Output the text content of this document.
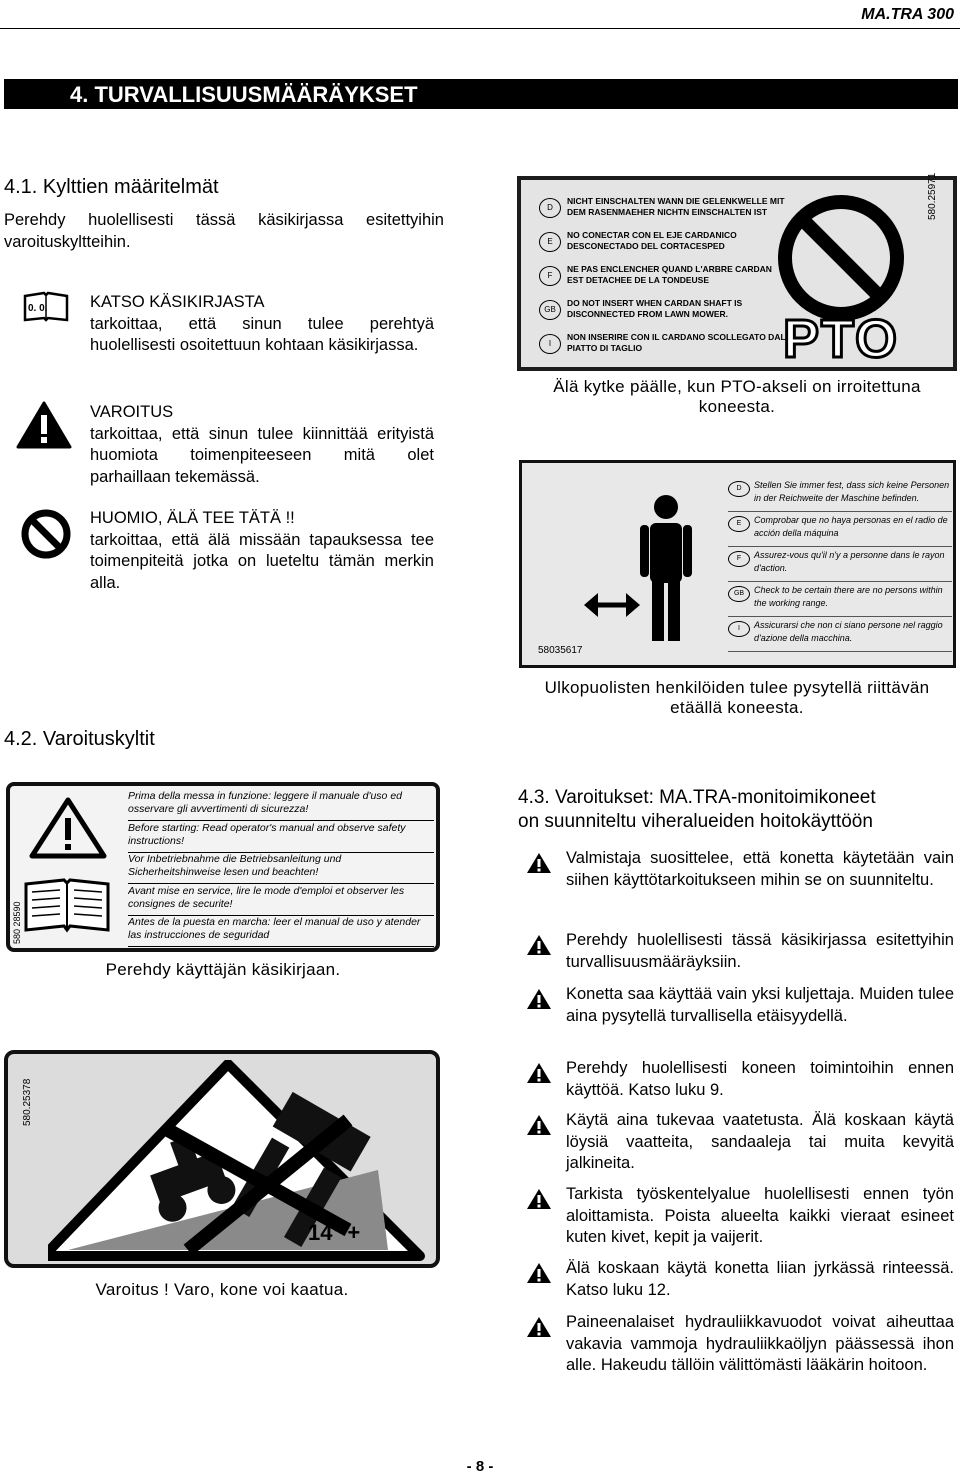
MA.TRA 300
4. TURVALLISUUSMÄÄRÄYKSET
4.1. Kylttien määritelmät
Perehdy huolellisesti tässä käsikirjassa esitettyihin varoituskyltteihin.
0. 0.	KATSO KÄSIKIRJASTA
tarkoittaa, että sinun tulee perehtyä huolellisesti osoitettuun kohtaan käsikirjassa.
VAROITUS
tarkoittaa, että sinun tulee kiinnittää erityistä huomiota toimenpiteeseen mitä olet parhaillaan tekemässä.
HUOMIO, ÄLÄ TEE TÄTÄ !!
tarkoittaa, että älä missään tapauksessa tee toimenpiteitä jotka on lueteltu tämän merkin alla.
D
NICHT EINSCHALTEN WANN DIE GELENKWELLE MIT DEM RASENMAEHER NICHTN EINSCHALTEN IST
E
NO CONECTAR CON EL EJE CARDANICO DESCONECTADO DEL CORTACESPED
F
NE PAS ENCLENCHER QUAND L'ARBRE CARDAN EST DETACHEE DE LA TONDEUSE
GB
DO NOT INSERT WHEN CARDAN SHAFT IS DISCONNECTED FROM LAWN MOWER.
I
NON INSERIRE CON IL CARDANO SCOLLEGATO DAL PIATTO DI TAGLIO	PTO
580.25971
Älä kytke päälle, kun PTO-akseli on irroitettuna koneesta.
D	Stellen Sie immer fest, dass sich keine Personen in der Reichweite der Maschine befinden.
E	Comprobar que no haya personas en el radio de acción della máquina
F	Assurez-vous qu'il n'y a personne dans le rayon d'action.
GB	Check to be certain there are no persons within the working range.
I	Assicurarsi che non ci siano persone nel raggio d'azione della macchina.
58035617
Ulkopuolisten henkilöiden tulee pysytellä riittävän etäällä koneesta.
4.2. Varoituskyltit
Prima della messa in funzione: leggere il manuale d'uso ed osservare gli avvertimenti di sicurezza!
Before starting: Read operator's manual and observe safety instructions!
Vor Inbetriebnahme die Betriebsanleitung und Sicherheitshinweise lesen und beachten!
Avant mise en service, lire le mode d'emploi et observer les consignes de securite!
Antes de la puesta en marcha: leer el manual de uso y atender las instrucciones de seguridad
580 28590
Perehdy käyttäjän käsikirjaan.
14° +
580.25378
Varoitus ! Varo, kone voi kaatua.
4.3. Varoitukset: MA.TRA-monitoimikoneet
on suunniteltu viheralueiden hoitokäyttöön
Valmistaja suosittelee, että konetta käytetään vain siihen käyttötarkoitukseen mihin se on suunniteltu.
Perehdy huolellisesti tässä käsikirjassa esitettyihin turvallisuusmääräyksiin.
Konetta saa käyttää vain yksi kuljettaja. Muiden tulee aina pysytellä turvallisella etäisyydellä.
Perehdy huolellisesti koneen toimintoihin ennen käyttöä. Katso luku 9.
Käytä aina tukevaa vaatetusta. Älä koskaan käytä löysiä vaatteita, sandaaleja tai muita kevyitä jalkineita.
Tarkista työskentelyalue huolellisesti ennen työn aloittamista. Poista alueelta kaikki vieraat esineet kuten kivet, kepit ja vaijerit.
Älä koskaan käytä konetta liian jyrkässä rinteessä. Katso luku 12.
Paineenalaiset hydrauliikkavuodot voivat aiheuttaa vakavia vammoja hydrauliikkaöljyn päässessä ihon alle. Hakeudu tällöin välittömästi lääkärin hoitoon.
- 8 -
